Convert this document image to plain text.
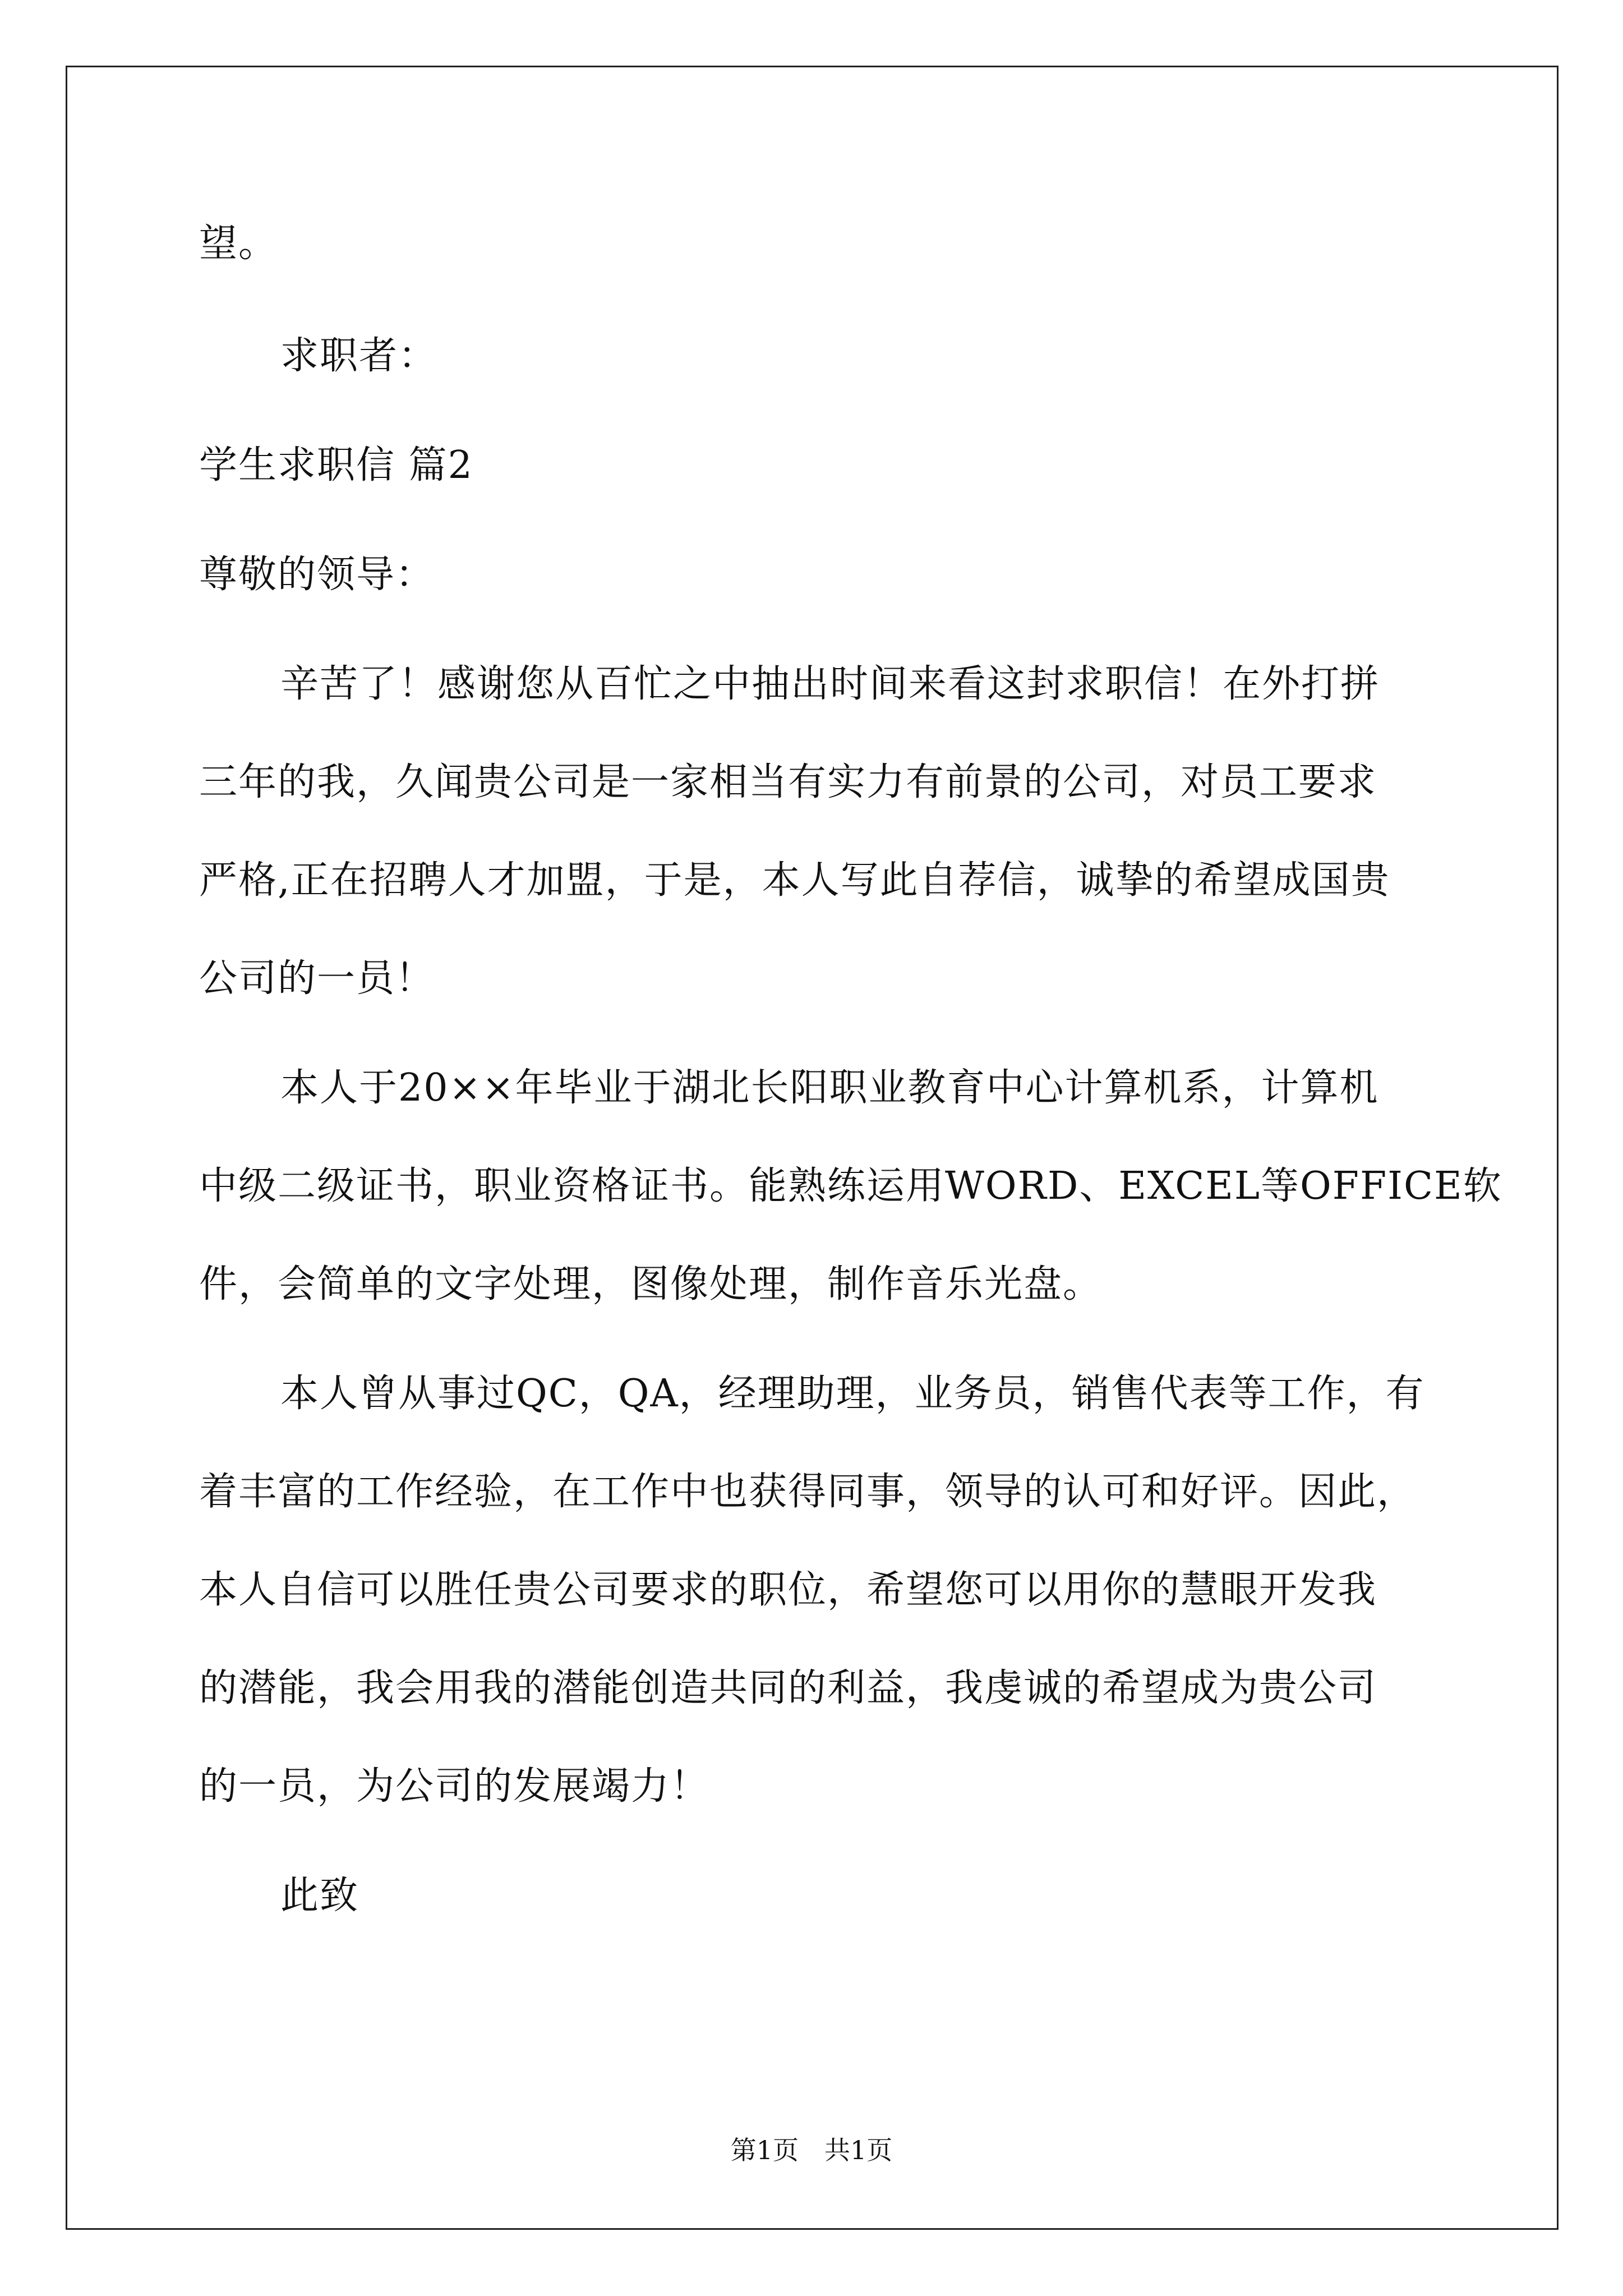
望。
求职者：
学生求职信 篇2
尊敬的领导：
辛苦了！感谢您从百忙之中抽出时间来看这封求职信！在外打拼
三年的我，久闻贵公司是一家相当有实力有前景的公司，对员工要求
严格,正在招聘人才加盟，于是，本人写此自荐信，诚挚的希望成国贵
公司的一员！
本人于20××年毕业于湖北长阳职业教育中心计算机系，计算机
中级二级证书，职业资格证书。能熟练运用WORD、EXCEL等OFFICE软
件，会简单的文字处理，图像处理，制作音乐光盘。
本人曾从事过QC，QA，经理助理，业务员，销售代表等工作，有
着丰富的工作经验，在工作中也获得同事，领导的认可和好评。因此，
本人自信可以胜任贵公司要求的职位，希望您可以用你的慧眼开发我
的潜能，我会用我的潜能创造共同的利益，我虔诚的希望成为贵公司
的一员，为公司的发展竭力！
此致
第1页　共1页
